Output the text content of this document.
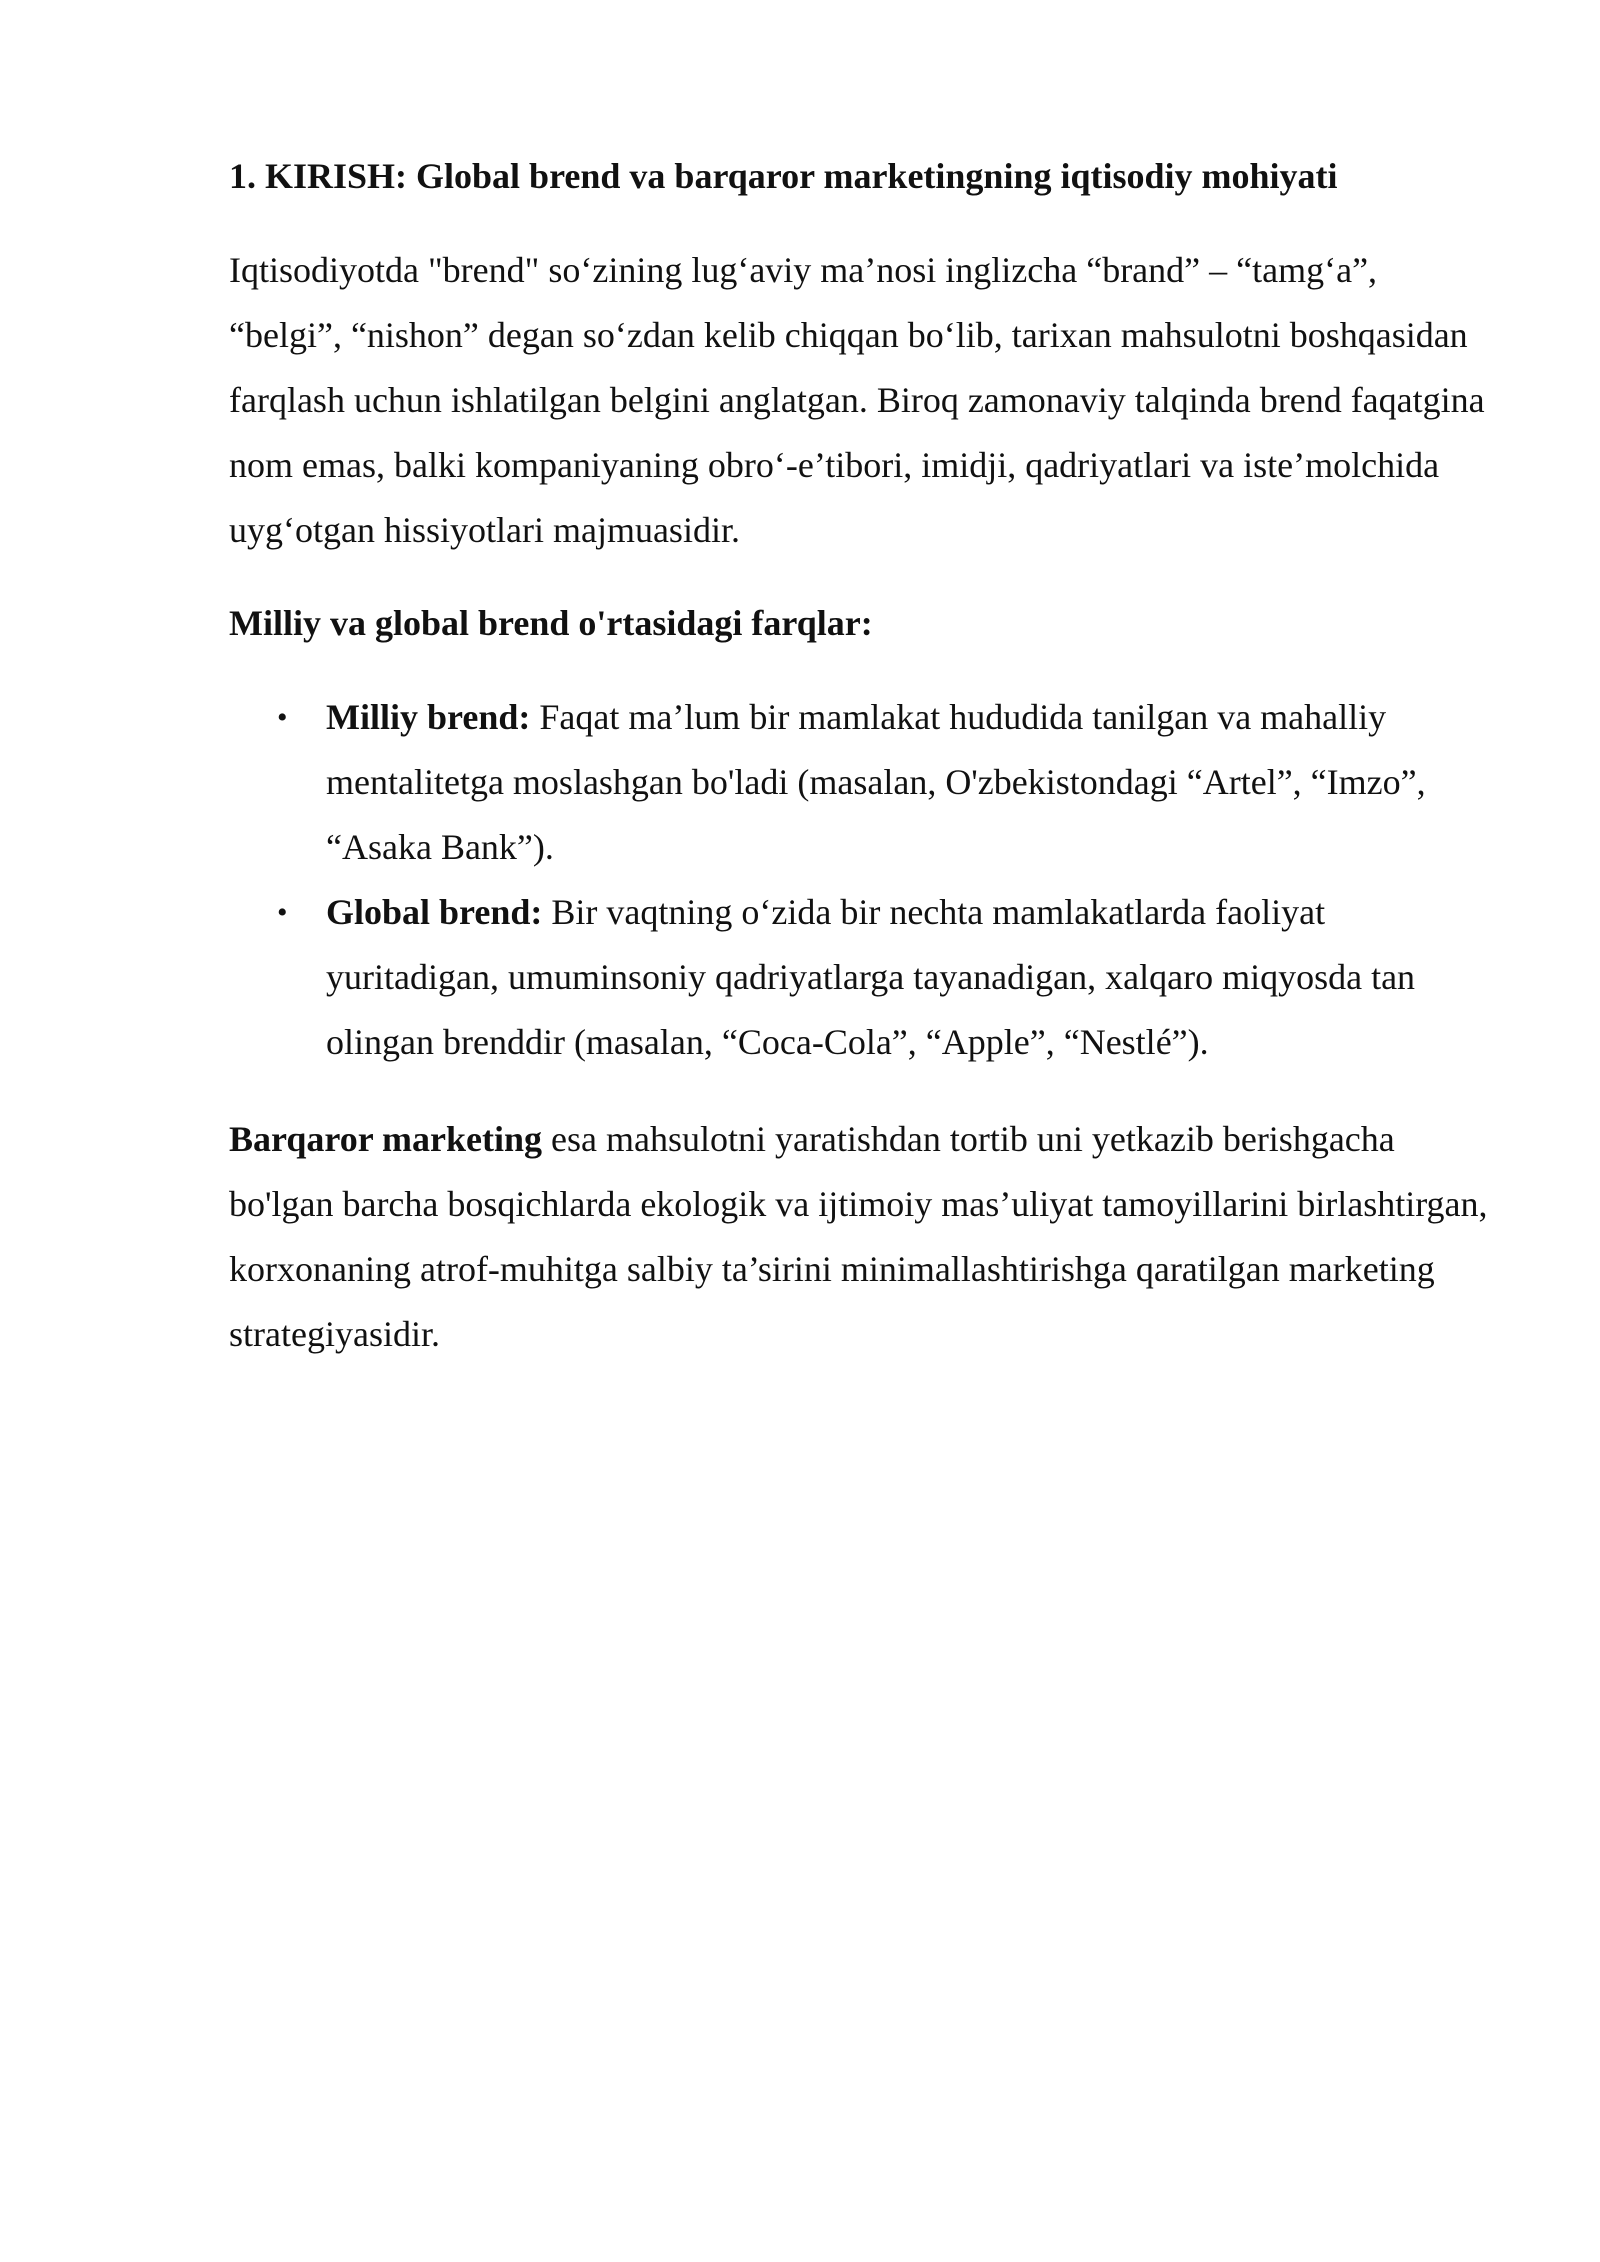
1. KIRISH: Global brend va barqaror marketingning iqtisodiy mohiyati

Iqtisodiyotda "brend" so‘zining lug‘aviy ma’nosi inglizcha “brand” – “tamg‘a”, “belgi”, “nishon” degan so‘zdan kelib chiqqan bo‘lib, tarixan mahsulotni boshqasidan farqlash uchun ishlatilgan belgini anglatgan. Biroq zamonaviy talqinda brend faqatgina nom emas, balki kompaniyaning obro‘-e’tibori, imidji, qadriyatlari va iste’molchida uyg‘otgan hissiyotlari majmuasidir.

Milliy va global brend o'rtasidagi farqlar:

• Milliy brend: Faqat ma’lum bir mamlakat hududida tanilgan va mahalliy mentalitetga moslashgan bo'ladi (masalan, O'zbekistondagi “Artel”, “Imzo”, “Asaka Bank”).
• Global brend: Bir vaqtning o‘zida bir nechta mamlakatlarda faoliyat yuritadigan, umuminsoniy qadriyatlarga tayanadigan, xalqaro miqyosda tan olingan brenddir (masalan, “Coca-Cola”, “Apple”, “Nestlé”).

Barqaror marketing esa mahsulotni yaratishdan tortib uni yetkazib berishgacha bo'lgan barcha bosqichlarda ekologik va ijtimoiy mas’uliyat tamoyillarini birlashtirgan, korxonaning atrof-muhitga salbiy ta’sirini minimallashtirishga qaratilgan marketing strategiyasidir.
